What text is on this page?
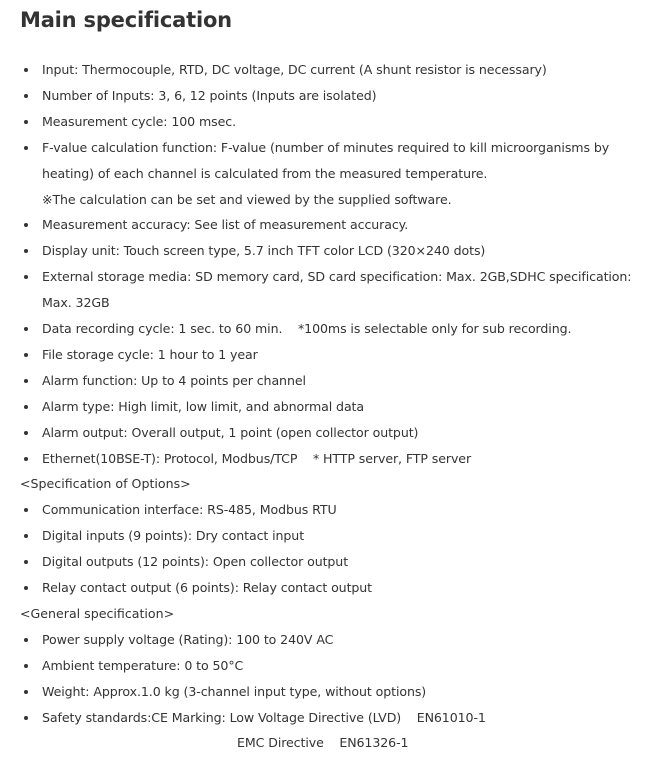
Main specification
Input: Thermocouple, RTD, DC voltage, DC current (A shunt resistor is necessary)
Number of Inputs: 3, 6, 12 points (Inputs are isolated)
Measurement cycle: 100 msec.
F-value calculation function: F-value (number of minutes required to kill microorganisms by
heating) of each channel is calculated from the measured temperature.
※The calculation can be set and viewed by the supplied software.
Measurement accuracy: See list of measurement accuracy.
Display unit: Touch screen type, 5.7 inch TFT color LCD (320×240 dots)
External storage media: SD memory card, SD card specification: Max. 2GB,SDHC specification:
Max. 32GB
Data recording cycle: 1 sec. to 60 min.    *100ms is selectable only for sub recording.
File storage cycle: 1 hour to 1 year
Alarm function: Up to 4 points per channel
Alarm type: High limit, low limit, and abnormal data
Alarm output: Overall output, 1 point (open collector output)
Ethernet(10BSE-T): Protocol, Modbus/TCP    * HTTP server, FTP server
<Specification of Options>
Communication interface: RS-485, Modbus RTU
Digital inputs (9 points): Dry contact input
Digital outputs (12 points): Open collector output
Relay contact output (6 points): Relay contact output
<General specification>
Power supply voltage (Rating): 100 to 240V AC
Ambient temperature: 0 to 50°C
Weight: Approx.1.0 kg (3-channel input type, without options)
Safety standards:CE Marking: Low Voltage Directive (LVD)    EN61010-1
EMC Directive    EN61326-1
